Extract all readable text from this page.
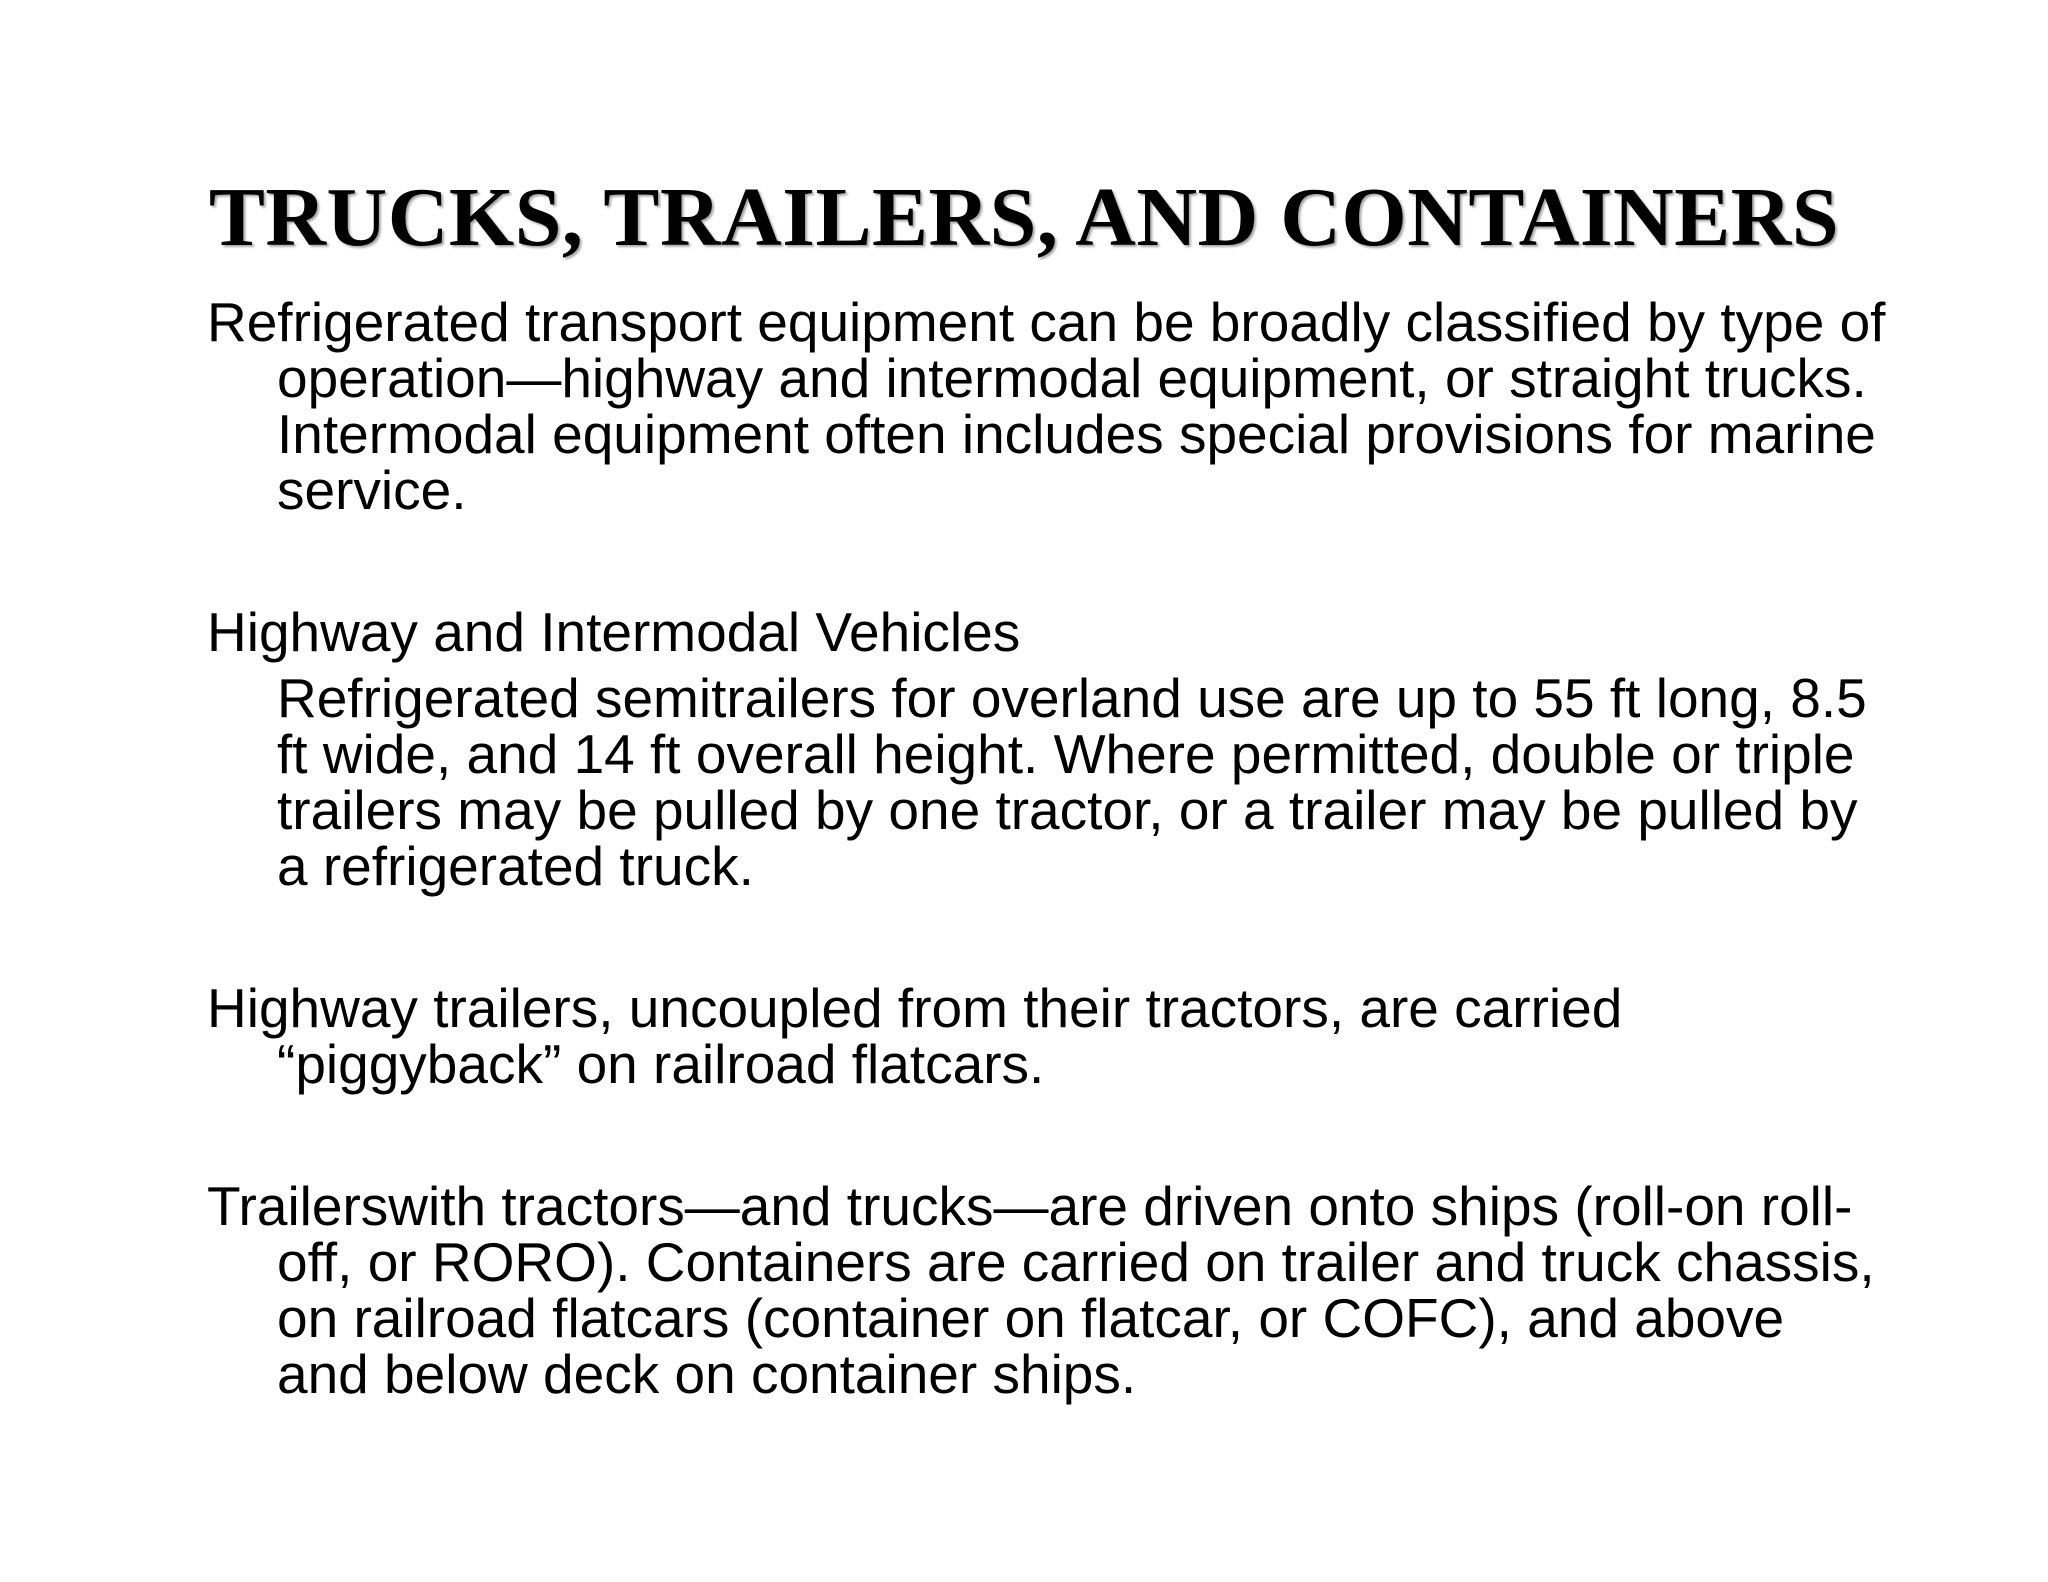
TRUCKS, TRAILERS, AND CONTAINERS

Refrigerated transport equipment can be broadly classified by type of operation—highway and intermodal equipment, or straight trucks. Intermodal equipment often includes special provisions for marine service.

Highway and Intermodal Vehicles

Refrigerated semitrailers for overland use are up to 55 ft long, 8.5 ft wide, and 14 ft overall height. Where permitted, double or triple trailers may be pulled by one tractor, or a trailer may be pulled by a refrigerated truck.

Highway trailers, uncoupled from their tractors, are carried “piggyback” on railroad flatcars.

Trailerswith tractors—and trucks—are driven onto ships (roll-on roll-off, or RORO). Containers are carried on trailer and truck chassis, on railroad flatcars (container on flatcar, or COFC), and above and below deck on container ships.
